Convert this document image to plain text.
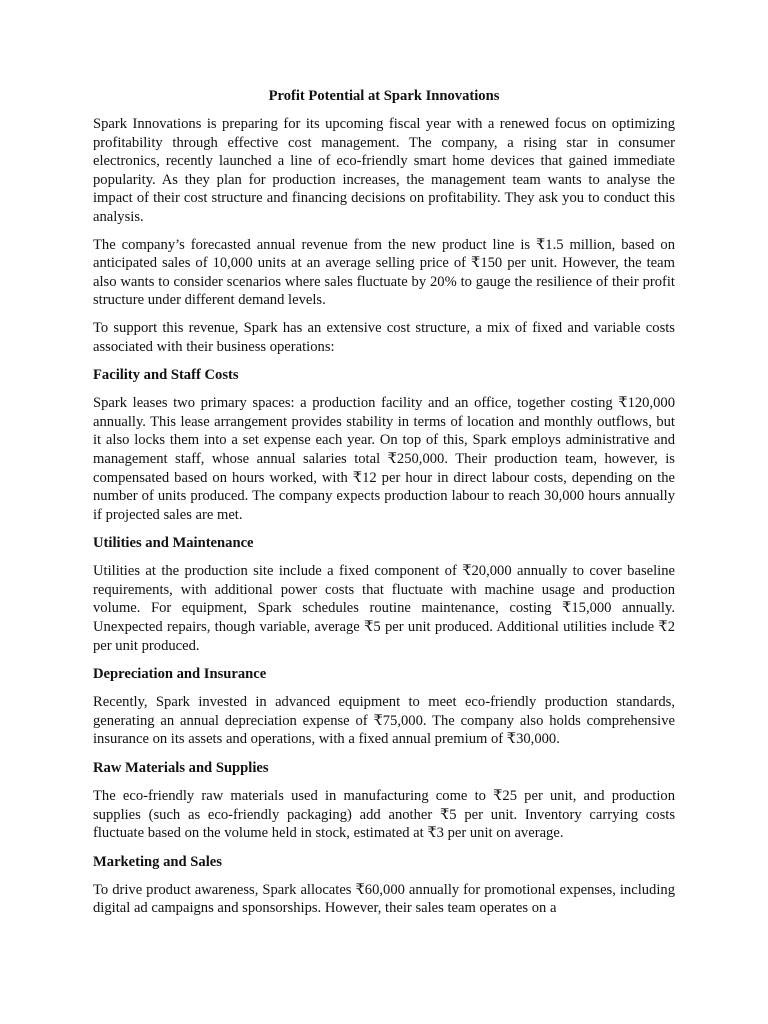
Profit Potential at Spark Innovations

Spark Innovations is preparing for its upcoming fiscal year with a renewed focus on optimizing profitability through effective cost management. The company, a rising star in consumer electronics, recently launched a line of eco-friendly smart home devices that gained immediate popularity. As they plan for production increases, the management team wants to analyse the impact of their cost structure and financing decisions on profitability. They ask you to conduct this analysis.

The company’s forecasted annual revenue from the new product line is ₹1.5 million, based on anticipated sales of 10,000 units at an average selling price of ₹150 per unit. However, the team also wants to consider scenarios where sales fluctuate by 20% to gauge the resilience of their profit structure under different demand levels.

To support this revenue, Spark has an extensive cost structure, a mix of fixed and variable costs associated with their business operations:

Facility and Staff Costs

Spark leases two primary spaces: a production facility and an office, together costing ₹120,000 annually. This lease arrangement provides stability in terms of location and monthly outflows, but it also locks them into a set expense each year. On top of this, Spark employs administrative and management staff, whose annual salaries total ₹250,000. Their production team, however, is compensated based on hours worked, with ₹12 per hour in direct labour costs, depending on the number of units produced. The company expects production labour to reach 30,000 hours annually if projected sales are met.

Utilities and Maintenance

Utilities at the production site include a fixed component of ₹20,000 annually to cover baseline requirements, with additional power costs that fluctuate with machine usage and production volume. For equipment, Spark schedules routine maintenance, costing ₹15,000 annually. Unexpected repairs, though variable, average ₹5 per unit produced. Additional utilities include ₹2 per unit produced.

Depreciation and Insurance

Recently, Spark invested in advanced equipment to meet eco-friendly production standards, generating an annual depreciation expense of ₹75,000. The company also holds comprehensive insurance on its assets and operations, with a fixed annual premium of ₹30,000.

Raw Materials and Supplies

The eco-friendly raw materials used in manufacturing come to ₹25 per unit, and production supplies (such as eco-friendly packaging) add another ₹5 per unit. Inventory carrying costs fluctuate based on the volume held in stock, estimated at ₹3 per unit on average.

Marketing and Sales

To drive product awareness, Spark allocates ₹60,000 annually for promotional expenses, including digital ad campaigns and sponsorships. However, their sales team operates on a
